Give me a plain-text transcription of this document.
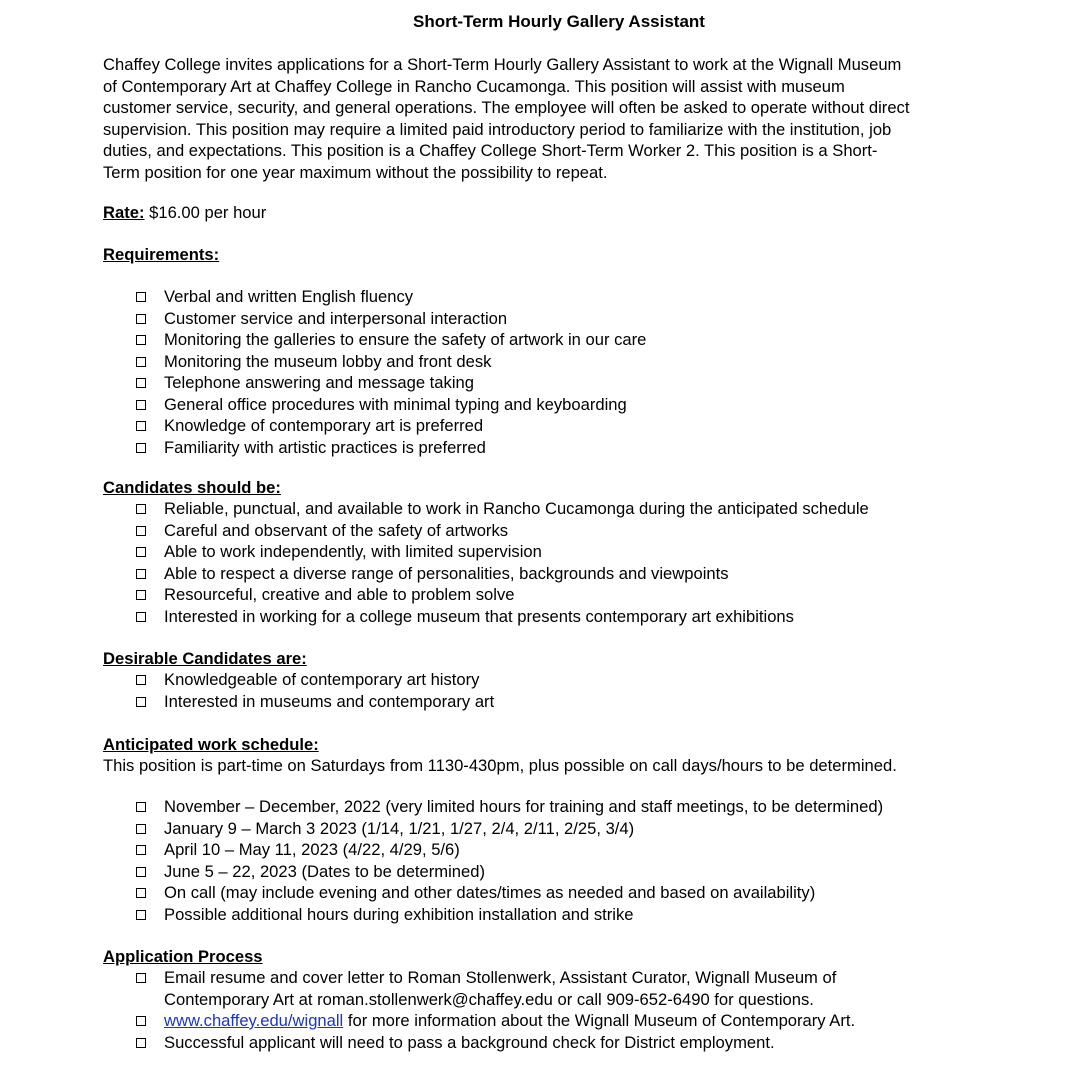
Short-Term Hourly Gallery Assistant

Chaffey College invites applications for a Short-Term Hourly Gallery Assistant to work at the Wignall Museum

of Contemporary Art at Chaffey College in Rancho Cucamonga. This position will assist with museum

customer service, security, and general operations. The employee will often be asked to operate without direct

supervision. This position may require a limited paid introductory period to familiarize with the institution, job

duties, and expectations. This position is a Chaffey College Short-Term Worker 2. This position is a Short-

Term position for one year maximum without the possibility to repeat.

Rate: $16.00 per hour
Requirements:
Verbal and written English fluency
Customer service and interpersonal interaction
Monitoring the galleries to ensure the safety of artwork in our care
Monitoring the museum lobby and front desk
Telephone answering and message taking
General office procedures with minimal typing and keyboarding
Knowledge of contemporary art is preferred
Familiarity with artistic practices is preferred
Candidates should be:
Reliable, punctual, and available to work in Rancho Cucamonga during the anticipated schedule
Careful and observant of the safety of artworks
Able to work independently, with limited supervision
Able to respect a diverse range of personalities, backgrounds and viewpoints
Resourceful, creative and able to problem solve
Interested in working for a college museum that presents contemporary art exhibitions
Desirable Candidates are:
Knowledgeable of contemporary art history
Interested in museums and contemporary art
Anticipated work schedule:
This position is part-time on Saturdays from 1130-430pm, plus possible on call days/hours to be determined.
November – December, 2022 (very limited hours for training and staff meetings, to be determined)
January 9 – March 3 2023 (1/14, 1/21, 1/27, 2/4, 2/11, 2/25, 3/4)
April 10 – May 11, 2023 (4/22, 4/29, 5/6)
June 5 – 22, 2023 (Dates to be determined)
On call (may include evening and other dates/times as needed and based on availability)
Possible additional hours during exhibition installation and strike
Application Process
Email resume and cover letter to Roman Stollenwerk, Assistant Curator, Wignall Museum of
Contemporary Art at roman.stollenwerk@chaffey.edu or call 909-652-6490 for questions.
www.chaffey.edu/wignall for more information about the Wignall Museum of Contemporary Art.
Successful applicant will need to pass a background check for District employment.
